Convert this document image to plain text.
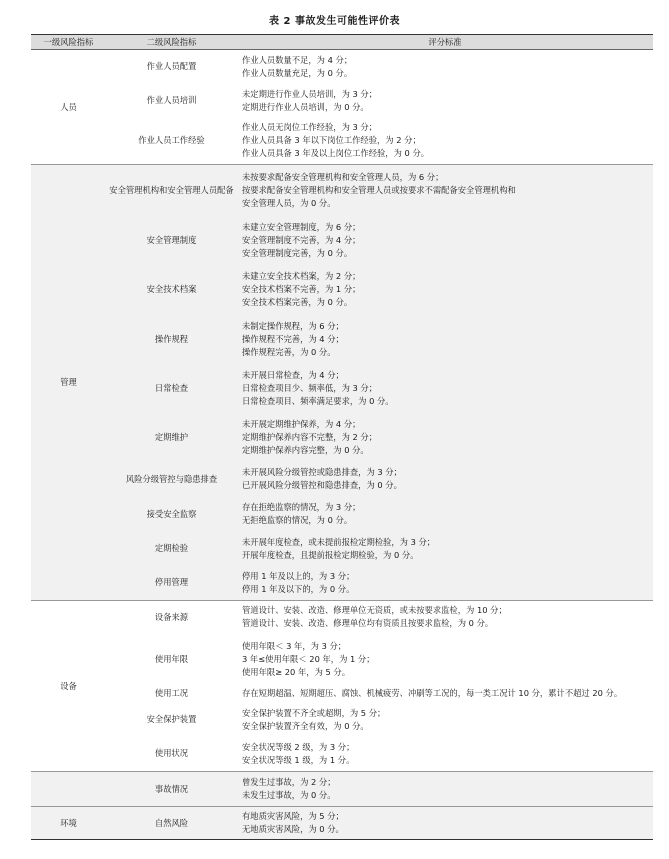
表 2 事故发生可能性评价表
一级风险指标	二级风险指标	评分标准
人员	作业人员配置	作业人员数量不足，为 4 分；
作业人员数量充足，为 0 分。

	作业人员培训	未定期进行作业人员培训，为 3 分；
定期进行作业人员培训，为 0 分。

	作业人员工作经验	作业人员无岗位工作经验，为 3 分；
作业人员具备 3 年以下岗位工作经验，为 2 分；
作业人员具备 3 年及以上岗位工作经验，为 0 分。

管理	安全管理机构和安全管理人员配备	未按要求配备安全管理机构和安全管理人员，为 6 分；
按要求配备安全管理机构和安全管理人员或按要求不需配备安全管理机构和
安全管理人员，为 0 分。

	安全管理制度	未建立安全管理制度，为 6 分；
安全管理制度不完善，为 4 分；
安全管理制度完善，为 0 分。

	安全技术档案	未建立安全技术档案，为 2 分；
安全技术档案不完善，为 1 分；
安全技术档案完善，为 0 分。

	操作规程	未制定操作规程，为 6 分；
操作规程不完善，为 4 分；
操作规程完善，为 0 分。

	日常检查	未开展日常检查，为 4 分；
日常检查项目少、频率低，为 3 分；
日常检查项目、频率满足要求，为 0 分。

	定期维护	未开展定期维护保养，为 4 分；
定期维护保养内容不完整，为 2 分；
定期维护保养内容完整，为 0 分。

	风险分级管控与隐患排查	未开展风险分级管控或隐患排查，为 3 分；
已开展风险分级管控和隐患排查，为 0 分。

	接受安全监察	存在拒绝监察的情况，为 3 分；
无拒绝监察的情况，为 0 分。

	定期检验	未开展年度检查，或未提前报检定期检验，为 3 分；
开展年度检查，且提前报检定期检验，为 0 分。

	停用管理	停用 1 年及以上的，为 3 分；
停用 1 年及以下的，为 0 分。

设备	设备来源	管道设计、安装、改造、修理单位无资质，或未按要求监检，为 10 分；
管道设计、安装、改造、修理单位均有资质且按要求监检，为 0 分。

	使用年限	使用年限＜ 3 年，为 3 分；
3 年≤使用年限＜ 20 年，为 1 分；
使用年限≥ 20 年，为 5 分。

	使用工况	存在短期超温、短期超压、腐蚀、机械疲劳、冲刷等工况的，每一类工况计 10 分，累计不超过 20 分。

	安全保护装置	安全保护装置不齐全或超期，为 5 分；
安全保护装置齐全有效，为 0 分。

	使用状况	安全状况等级 2 级，为 3 分；
安全状况等级 1 级，为 1 分。

	事故情况	曾发生过事故，为 2 分；
未发生过事故，为 0 分。

环境	自然风险	有地质灾害风险，为 5 分；
无地质灾害风险，为 0 分。
